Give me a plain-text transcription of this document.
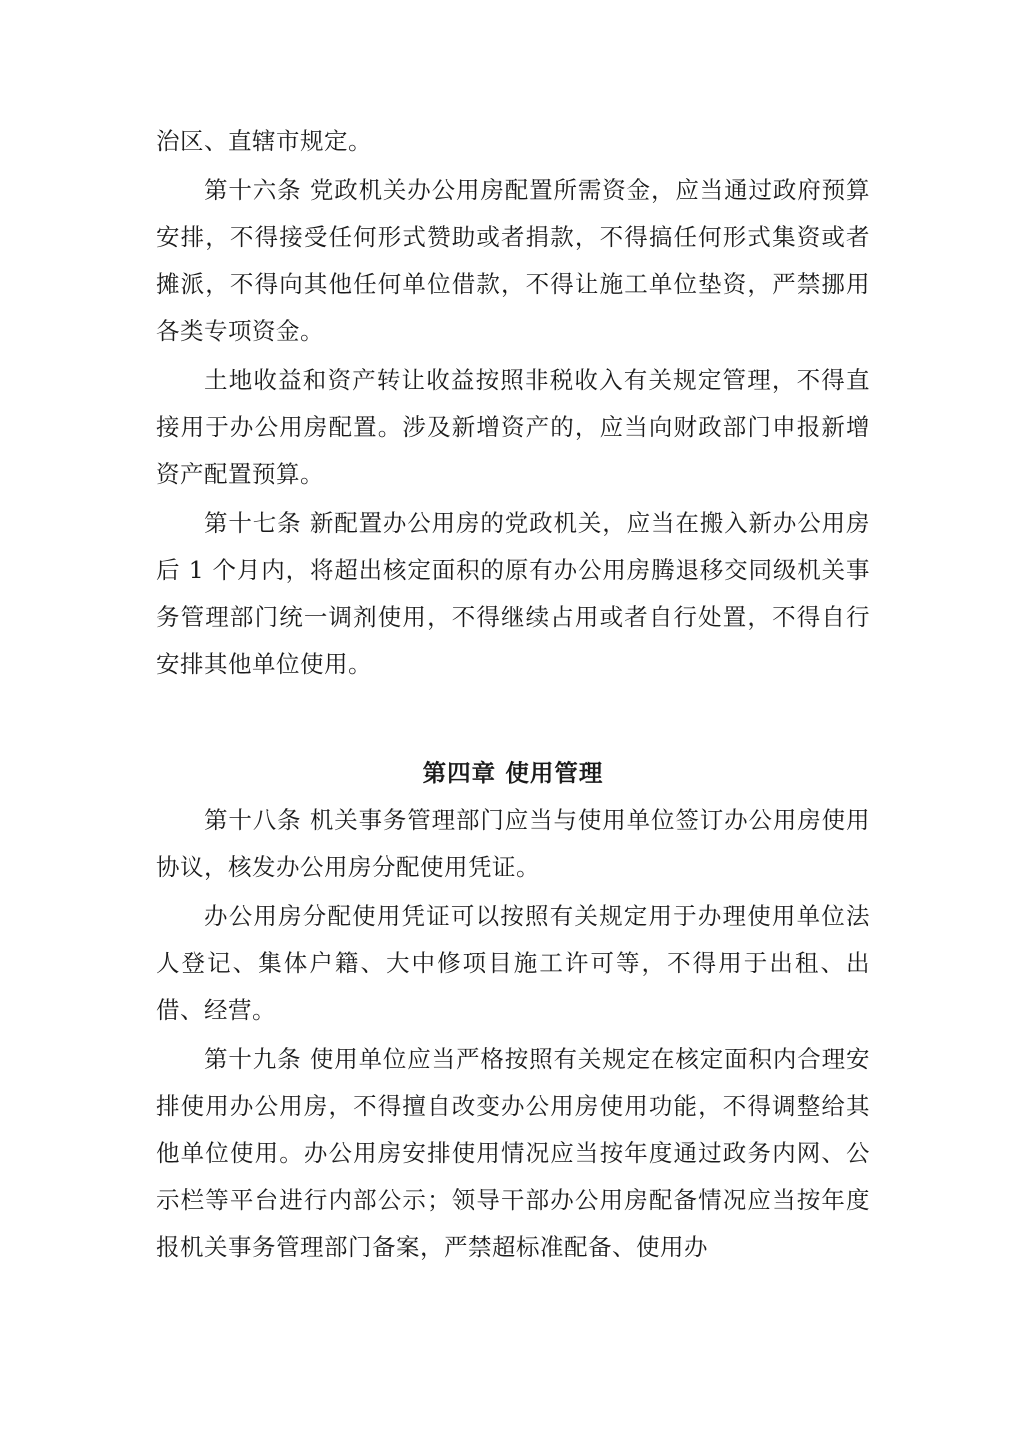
治区、直辖市规定。

第十六条 党政机关办公用房配置所需资金，应当通过政府预算安排，不得接受任何形式赞助或者捐款，不得搞任何形式集资或者摊派，不得向其他任何单位借款，不得让施工单位垫资，严禁挪用各类专项资金。

土地收益和资产转让收益按照非税收入有关规定管理，不得直接用于办公用房配置。涉及新增资产的，应当向财政部门申报新增资产配置预算。

第十七条 新配置办公用房的党政机关，应当在搬入新办公用房后 1 个月内，将超出核定面积的原有办公用房腾退移交同级机关事务管理部门统一调剂使用，不得继续占用或者自行处置，不得自行安排其他单位使用。

第四章 使用管理

第十八条 机关事务管理部门应当与使用单位签订办公用房使用协议，核发办公用房分配使用凭证。

办公用房分配使用凭证可以按照有关规定用于办理使用单位法人登记、集体户籍、大中修项目施工许可等，不得用于出租、出借、经营。

第十九条 使用单位应当严格按照有关规定在核定面积内合理安排使用办公用房，不得擅自改变办公用房使用功能，不得调整给其他单位使用。办公用房安排使用情况应当按年度通过政务内网、公示栏等平台进行内部公示；领导干部办公用房配备情况应当按年度报机关事务管理部门备案，严禁超标准配备、使用办
